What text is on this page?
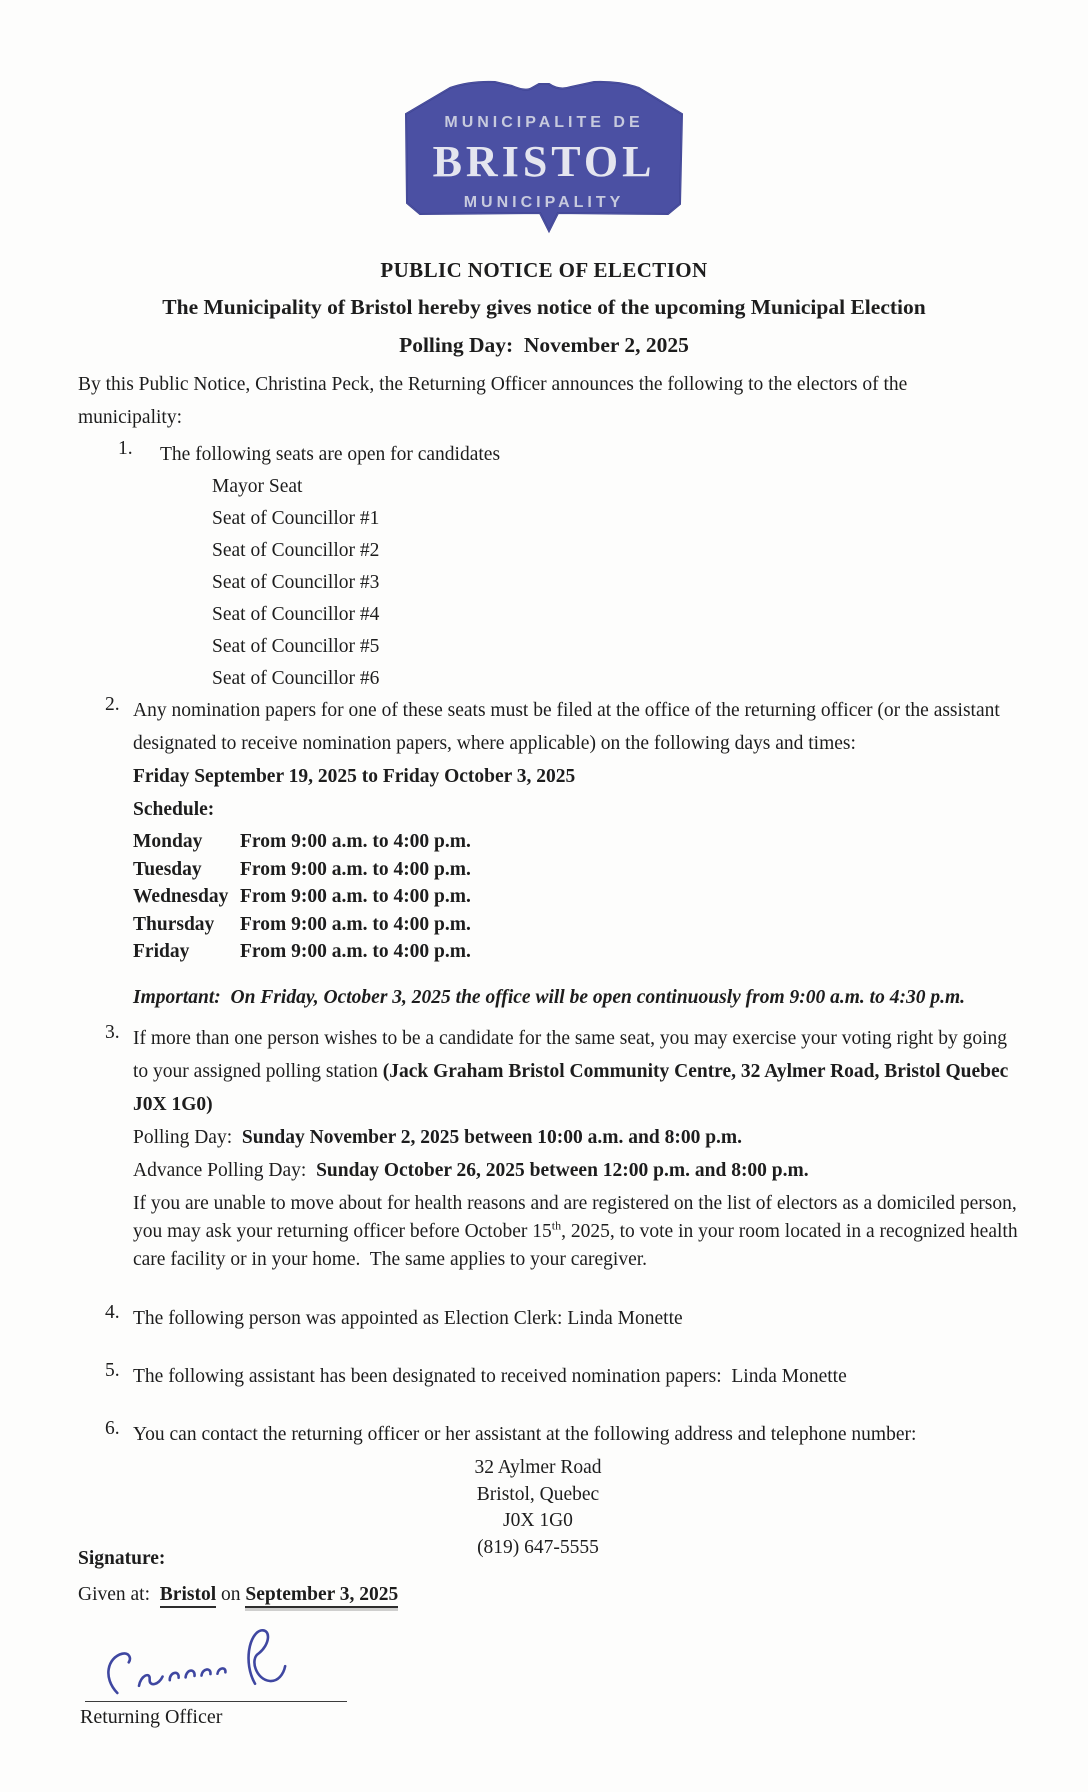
MUNICIPALITE DE
BRISTOL
MUNICIPALITY
PUBLIC NOTICE OF ELECTION
The Municipality of Bristol hereby gives notice of the upcoming Municipal Election
Polling Day:  November 2, 2025

By this Public Notice, Christina Peck, the Returning Officer announces the following to the electors of the municipality:

1.	The following seats are open for candidates
Mayor Seat
Seat of Councillor #1
Seat of Councillor #2
Seat of Councillor #3
Seat of Councillor #4
Seat of Councillor #5
Seat of Councillor #6
2. Any nomination papers for one of these seats must be filed at the office of the returning officer (or the assistant designated to receive nomination papers, where applicable) on the following days and times:
Friday September 19, 2025 to Friday October 3, 2025
Schedule:
Monday	From 9:00 a.m. to 4:00 p.m.
Tuesday	From 9:00 a.m. to 4:00 p.m.
Wednesday From 9:00 a.m. to 4:00 p.m.
Thursday	From 9:00 a.m. to 4:00 p.m.
Friday	From 9:00 a.m. to 4:00 p.m.
Important:  On Friday, October 3, 2025 the office will be open continuously from 9:00 a.m. to 4:30 p.m.
3. If more than one person wishes to be a candidate for the same seat, you may exercise your voting right by going to your assigned polling station (Jack Graham Bristol Community Centre, 32 Aylmer Road, Bristol Quebec J0X 1G0)

Polling Day:  Sunday November 2, 2025 between 10:00 a.m. and 8:00 p.m.
Advance Polling Day:  Sunday October 26, 2025 between 12:00 p.m. and 8:00 p.m.

If you are unable to move about for health reasons and are registered on the list of electors as a domiciled person, you may ask your returning officer before October 15th, 2025, to vote in your room located in a recognized health care facility or in your home.  The same applies to your caregiver.

4. The following person was appointed as Election Clerk: Linda Monette
5. The following assistant has been designated to received nomination papers:  Linda Monette
6. You can contact the returning officer or her assistant at the following address and telephone number:
32 Aylmer Road
Bristol, Quebec
J0X 1G0
(819) 647-5555
Signature:
Given at:  Bristol on September 3, 2025
Returning Officer
